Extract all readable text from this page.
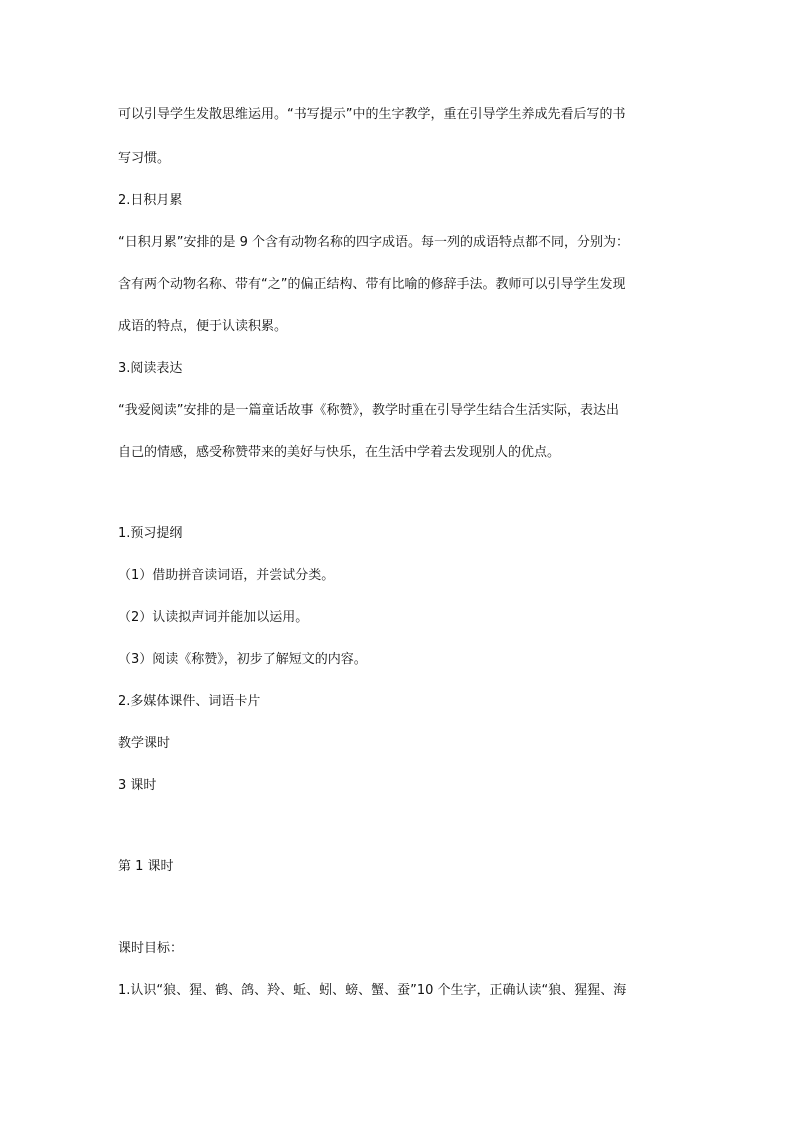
可以引导学生发散思维运用。“书写提示”中的生字教学，重在引导学生养成先看后写的书
写习惯。
2.日积月累
“日积月累”安排的是 9 个含有动物名称的四字成语。每一列的成语特点都不同，分别为：
含有两个动物名称、带有“之”的偏正结构、带有比喻的修辞手法。教师可以引导学生发现
成语的特点，便于认读积累。
3.阅读表达
“我爱阅读”安排的是一篇童话故事《称赞》，教学时重在引导学生结合生活实际，表达出
自己的情感，感受称赞带来的美好与快乐，在生活中学着去发现别人的优点。
1.预习提纲
（1）借助拼音读词语，并尝试分类。
（2）认读拟声词并能加以运用。
（3）阅读《称赞》，初步了解短文的内容。
2.多媒体课件、词语卡片
教学课时
3 课时
第 1 课时
课时目标：
1.认识“狼、猩、鹤、鸽、羚、蚯、蚓、螃、蟹、蚕”10 个生字，正确认读“狼、猩猩、海
